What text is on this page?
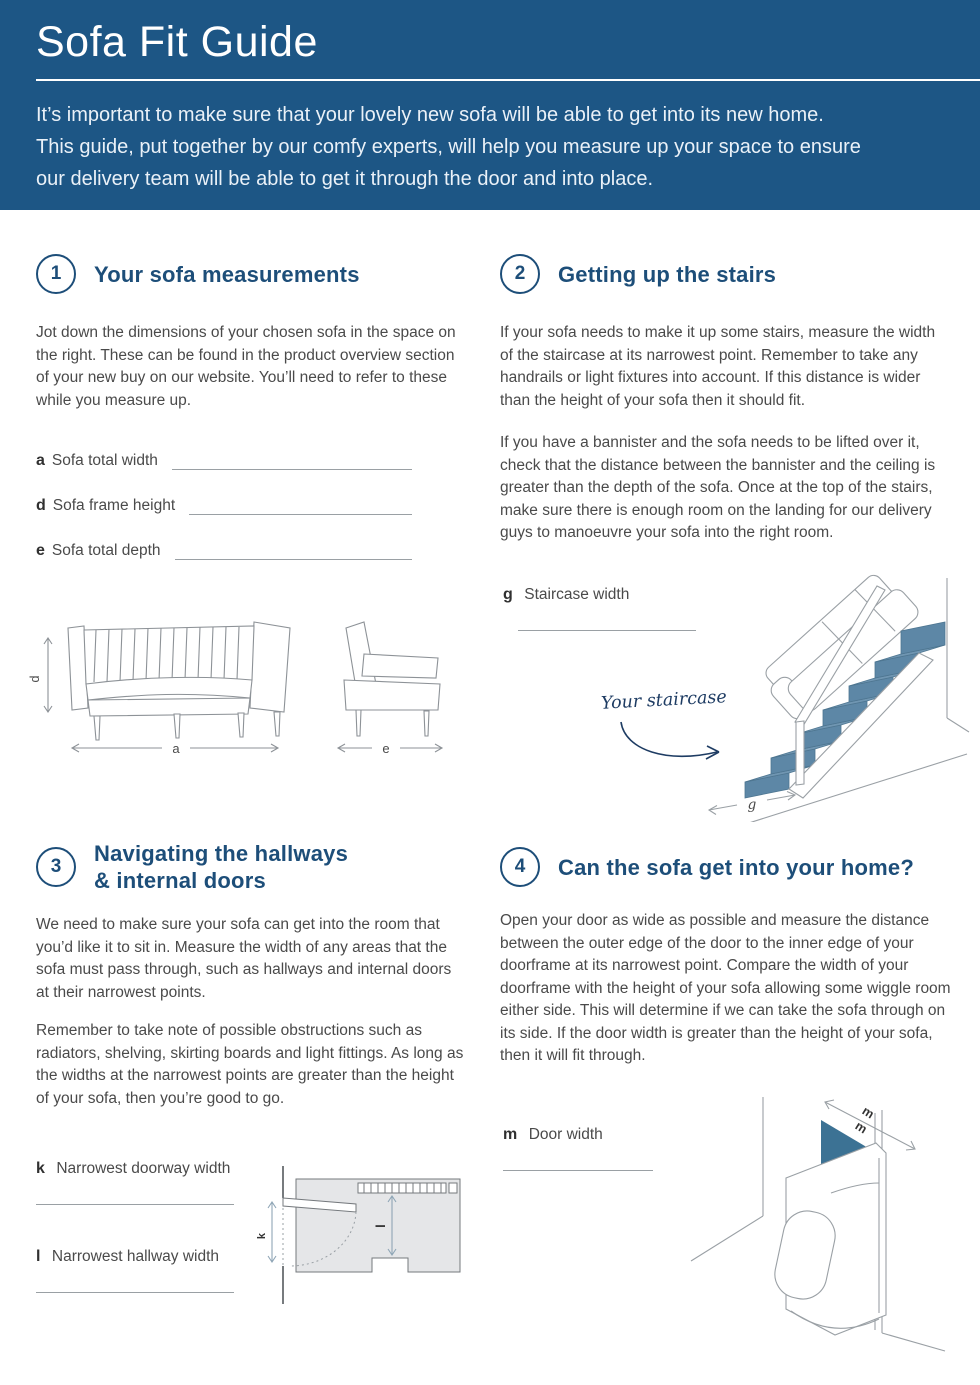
Sofa Fit Guide
It’s important to make sure that your lovely new sofa will be able to get into its new home.
This guide, put together by our comfy experts, will help you measure up your space to ensure
our delivery team will be able to get it through the door and into place.
1	Your sofa measurements
Jot down the dimensions of your chosen sofa in the space on the right. These can be found in the product overview section of your new buy on our website. You’ll need to refer to these while you measure up.
a Sofa total width
d Sofa frame height
e Sofa total depth
d
a	e
2	Getting up the stairs
If your sofa needs to make it up some stairs, measure the width of the staircase at its narrowest point. Remember to take any handrails or light fixtures into account. If this distance is wider than the height of your sofa then it should fit.
If you have a bannister and the sofa needs to be lifted over it, check that the distance between the bannister and the ceiling is greater than the depth of the sofa. Once at the top of the stairs, make sure there is enough room on the landing for our delivery guys to manoeuvre your sofa into the right room.
g Staircase width
Your staircase
g
3
Navigating the hallways
& internal doors
We need to make sure your sofa can get into the room that you’d like it to sit in. Measure the width of any areas that the sofa must pass through, such as hallways and internal doors at their narrowest points.
Remember to take note of possible obstructions such as radiators, shelving, skirting boards and light fittings. As long as the widths at the narrowest points are greater than the height of your sofa, then you’re good to go.
k Narrowest doorway width
l Narrowest hallway width
k
l
4	Can the sofa get into your home?
Open your door as wide as possible and measure the distance between the outer edge of the door to the inner edge of your doorframe at its narrowest point. Compare the width of your doorframe with the height of your sofa allowing some wiggle room either side. This will determine if we can take the sofa through on its side. If the door width is greater than the height of your sofa, then it will fit through.
m Door width
m
m
